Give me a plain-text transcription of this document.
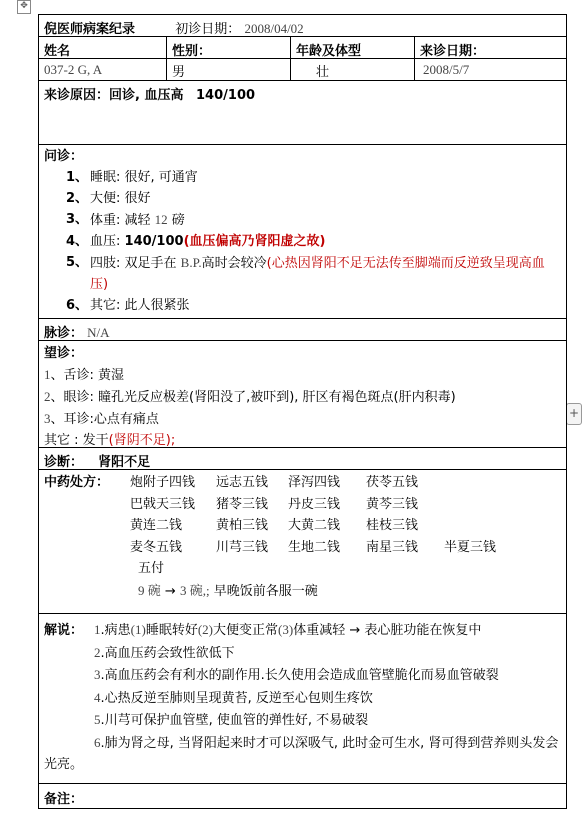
✥
+
倪医师病案纪录	初诊日期： 2008/04/02
姓名	性别：	年龄及体型	来诊日期：
037-2 G, A	男	壮	2008/5/7
来诊原因：回诊, 血压高 140/100
问诊：
1、 睡眠: 很好, 可通宵
2、 大便: 很好
3、 体重: 减轻 12 磅
4、 血压: 140/100(血压偏高乃肾阳虚之故)
5、 四肢: 双足手在 B.P.高时会较冷(心热因肾阳不足无法传至脚端而反逆致呈现高血压)
6、 其它: 此人很紧张
脉诊： N/A
望诊：
1、舌诊: 黄湿
2、眼诊: 瞳孔光反应极差(肾阳没了,被吓到), 肝区有褐色斑点(肝内积毒)
3、耳诊:心点有痛点
其它 : 发干(肾阴不足);
诊断： 肾阳不足
中药处方：	炮附子四钱	远志五钱	泽泻四钱	茯苓五钱
巴戟天三钱	猪苓三钱	丹皮三钱	黄芩三钱
黄连二钱	黄柏三钱	大黄二钱	桂枝三钱
麦冬五钱	川芎三钱	生地二钱	南星三钱	半夏三钱
五付
9 碗 → 3 碗,; 早晚饭前各服一碗
解说： 1.病患(1)睡眠转好(2)大便变正常(3)体重减轻 → 表心脏功能在恢复中
2.高血压药会致性欲低下
3.高血压药会有利水的副作用.长久使用会造成血管壁脆化而易血管破裂
4.心热反逆至肺则呈现黄苔, 反逆至心包则生疼饮
5.川芎可保护血管壁, 使血管的弹性好, 不易破裂
6.肺为肾之母, 当肾阳起来时才可以深吸气, 此时金可生水, 肾可得到营养则头发会光亮。
备注：
